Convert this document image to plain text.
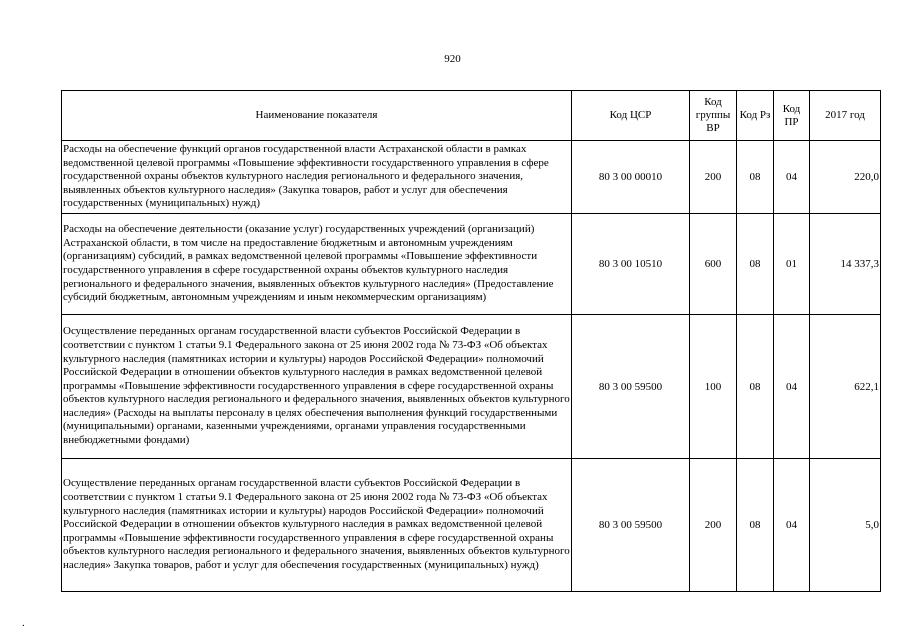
920
Наименование показателя	Код ЦСР	Код группы ВР	Код Рз	Код ПР	2017 год
Расходы на обеспечение функций органов государственной власти Астраханской области в рамках ведомственной целевой программы «Повышение эффективности государственного управления в сфере государственной охраны объектов культурного наследия регионального и федерального значения, выявленных объектов культурного наследия» (Закупка товаров, работ и услуг для обеспечения государственных (муниципальных) нужд)	80 3 00 00010	200	08	04	220,0
Расходы на обеспечение деятельности (оказание услуг) государственных учреждений (организаций) Астраханской области, в том числе на предоставление бюджетным и автономным учреждениям (организациям) субсидий, в рамках ведомственной целевой программы «Повышение эффективности государственного управления в сфере государственной охраны объектов культурного наследия регионального и федерального значения, выявленных объектов культурного наследия» (Предоставление субсидий бюджетным, автономным учреждениям и иным некоммерческим организациям)	80 3 00 10510	600	08	01	14 337,3
Осуществление переданных органам государственной власти субъектов Российской Федерации в соответствии с пунктом 1 статьи 9.1 Федерального закона от 25 июня 2002 года № 73-ФЗ «Об объектах культурного наследия (памятниках истории и культуры) народов Российской Федерации» полномочий Российской Федерации в отношении объектов культурного наследия в рамках ведомственной целевой программы «Повышение эффективности государственного управления в сфере государственной охраны объектов культурного наследия регионального и федерального значения, выявленных объектов культурного наследия» (Расходы на выплаты персоналу в целях обеспечения выполнения функций государственными (муниципальными) органами, казенными учреждениями, органами управления государственными внебюджетными фондами)	80 3 00 59500	100	08	04	622,1
Осуществление переданных органам государственной власти субъектов Российской Федерации в соответствии с пунктом 1 статьи 9.1 Федерального закона от 25 июня 2002 года № 73-ФЗ «Об объектах культурного наследия (памятниках истории и культуры) народов Российской Федерации» полномочий Российской Федерации в отношении объектов культурного наследия в рамках ведомственной целевой программы «Повышение эффективности государственного управления в сфере государственной охраны объектов культурного наследия регионального и федерального значения, выявленных объектов культурного наследия» Закупка товаров, работ и услуг для обеспечения государственных (муниципальных) нужд)	80 3 00 59500	200	08	04	5,0
.
